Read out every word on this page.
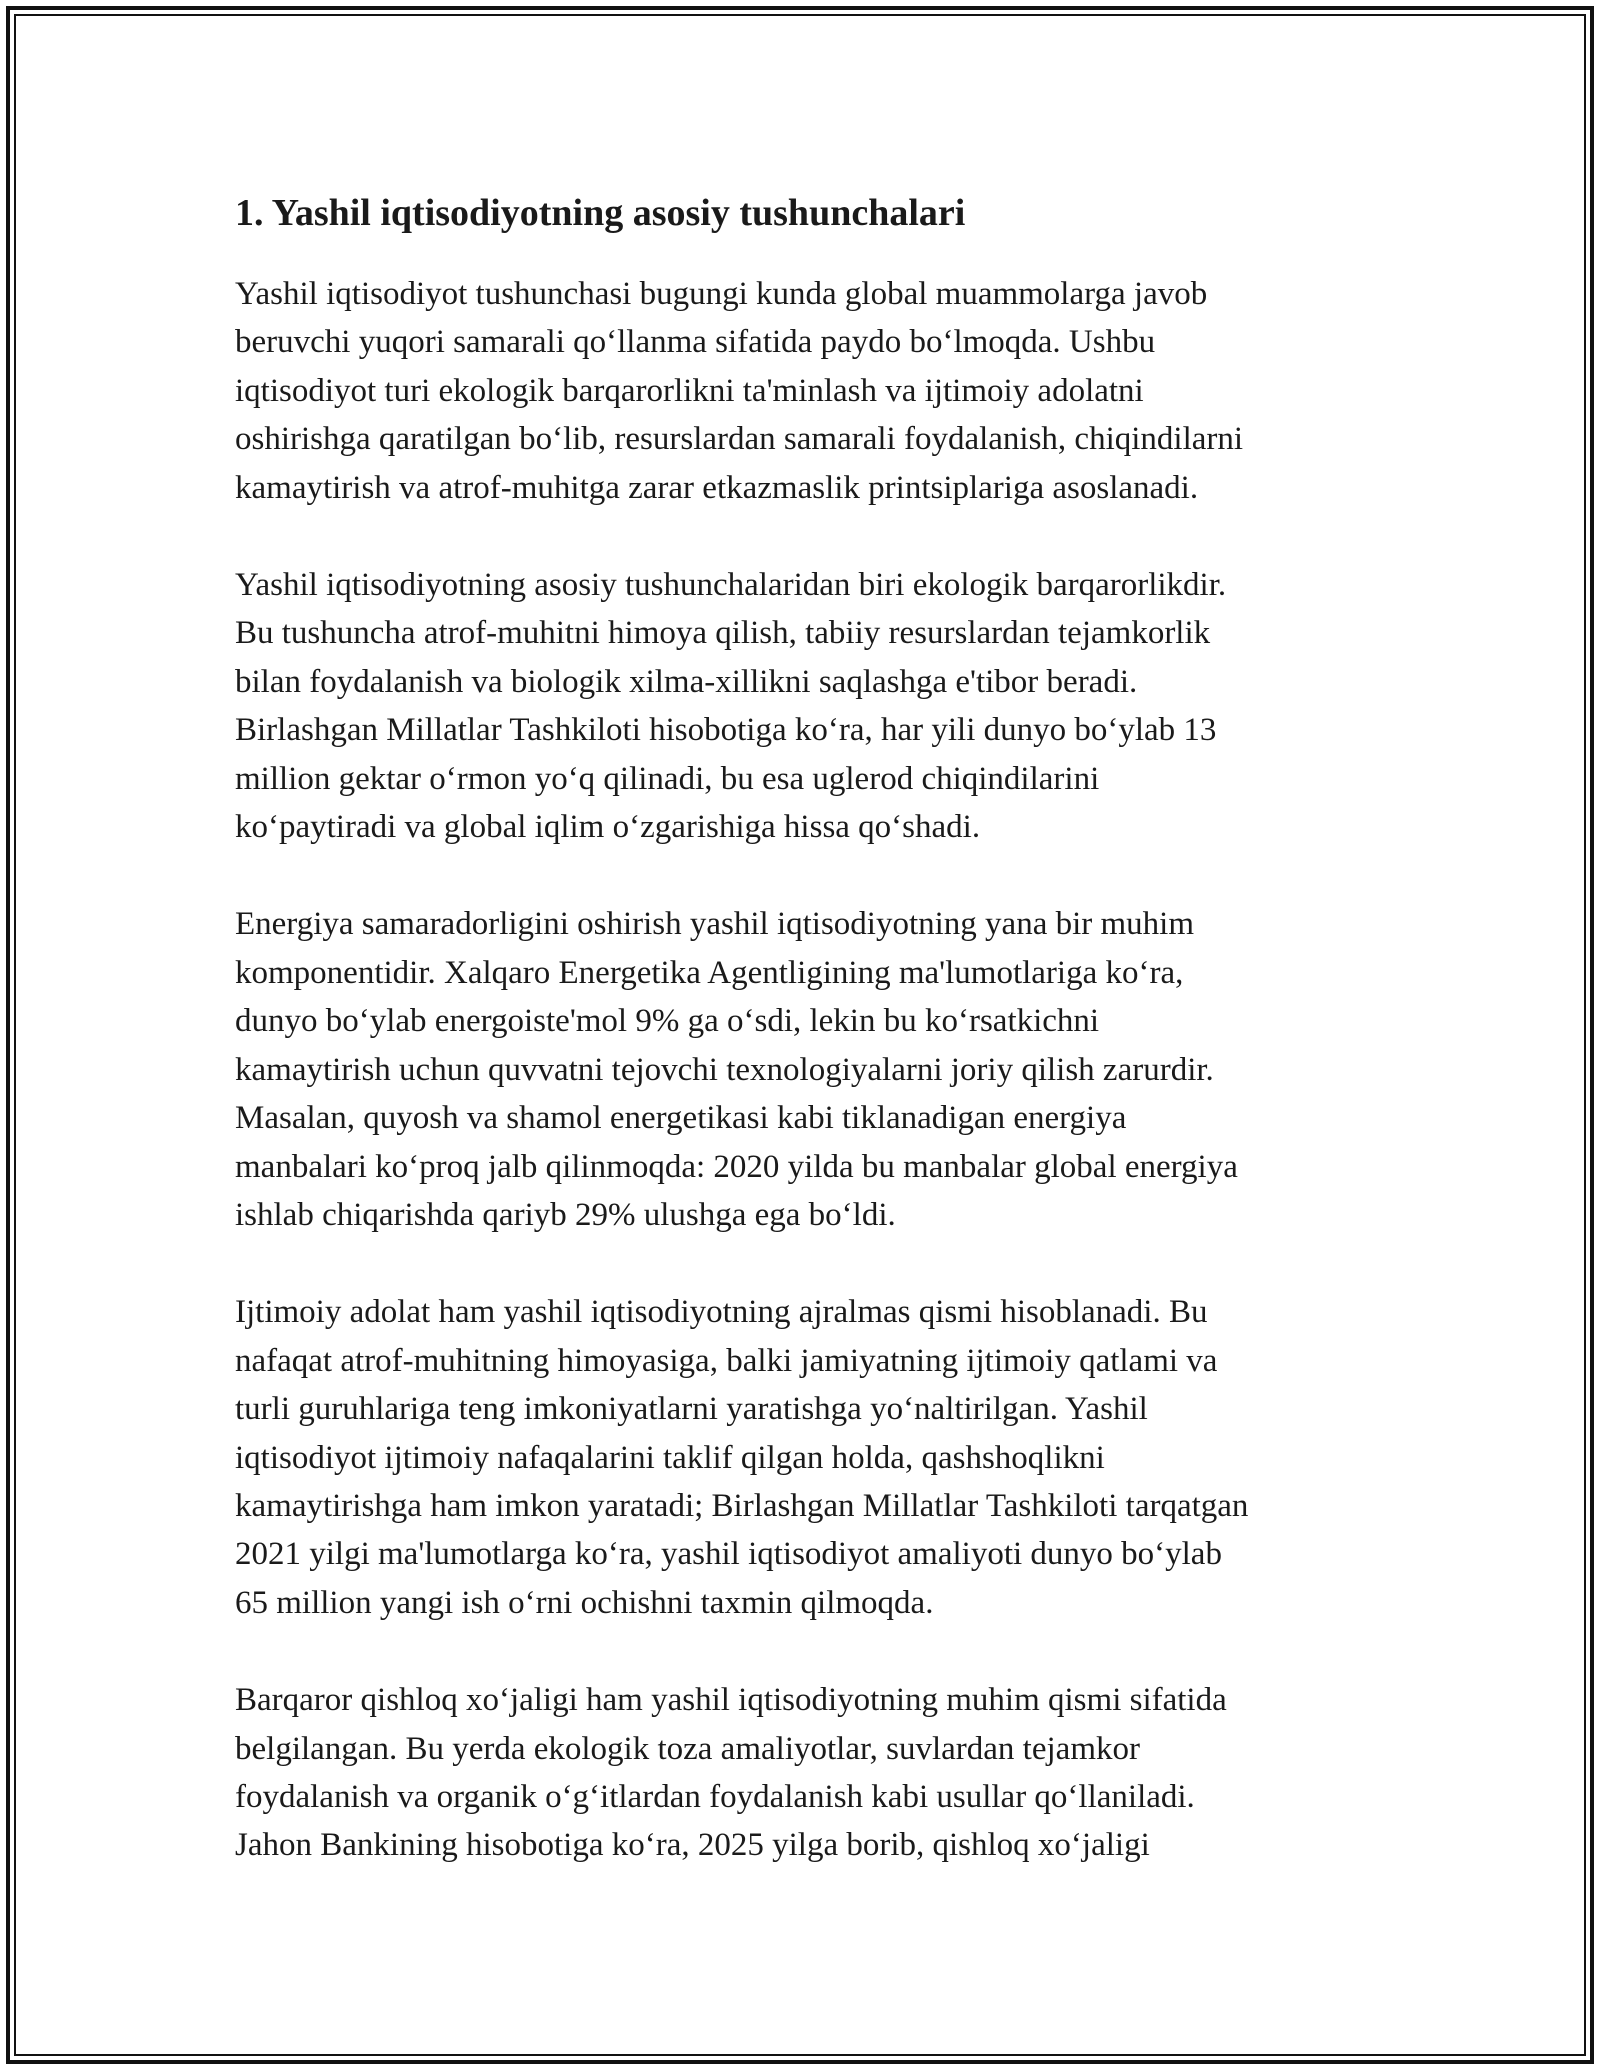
1. Yashil iqtisodiyotning asosiy tushunchalari

Yashil iqtisodiyot tushunchasi bugungi kunda global muammolarga javob
beruvchi yuqori samarali qoʻllanma sifatida paydo boʻlmoqda. Ushbu
iqtisodiyot turi ekologik barqarorlikni ta'minlash va ijtimoiy adolatni
oshirishga qaratilgan boʻlib, resurslardan samarali foydalanish, chiqindilarni
kamaytirish va atrof-muhitga zarar etkazmaslik printsiplariga asoslanadi.

Yashil iqtisodiyotning asosiy tushunchalaridan biri ekologik barqarorlikdir.
Bu tushuncha atrof-muhitni himoya qilish, tabiiy resurslardan tejamkorlik
bilan foydalanish va biologik xilma-xillikni saqlashga e'tibor beradi.
Birlashgan Millatlar Tashkiloti hisobotiga koʻra, har yili dunyo boʻylab 13
million gektar oʻrmon yoʻq qilinadi, bu esa uglerod chiqindilarini
koʻpaytiradi va global iqlim oʻzgarishiga hissa qoʻshadi.

Energiya samaradorligini oshirish yashil iqtisodiyotning yana bir muhim
komponentidir. Xalqaro Energetika Agentligining ma'lumotlariga koʻra,
dunyo boʻylab energoiste'mol 9% ga oʻsdi, lekin bu koʻrsatkichni
kamaytirish uchun quvvatni tejovchi texnologiyalarni joriy qilish zarurdir.
Masalan, quyosh va shamol energetikasi kabi tiklanadigan energiya
manbalari koʻproq jalb qilinmoqda: 2020 yilda bu manbalar global energiya
ishlab chiqarishda qariyb 29% ulushga ega boʻldi.

Ijtimoiy adolat ham yashil iqtisodiyotning ajralmas qismi hisoblanadi. Bu
nafaqat atrof-muhitning himoyasiga, balki jamiyatning ijtimoiy qatlami va
turli guruhlariga teng imkoniyatlarni yaratishga yoʻnaltirilgan. Yashil
iqtisodiyot ijtimoiy nafaqalarini taklif qilgan holda, qashshoqlikni
kamaytirishga ham imkon yaratadi; Birlashgan Millatlar Tashkiloti tarqatgan
2021 yilgi ma'lumotlarga koʻra, yashil iqtisodiyot amaliyoti dunyo boʻylab
65 million yangi ish oʻrni ochishni taxmin qilmoqda.

Barqaror qishloq xoʻjaligi ham yashil iqtisodiyotning muhim qismi sifatida
belgilangan. Bu yerda ekologik toza amaliyotlar, suvlardan tejamkor
foydalanish va organik oʻgʻitlardan foydalanish kabi usullar qoʻllaniladi.
Jahon Bankining hisobotiga koʻra, 2025 yilga borib, qishloq xoʻjaligi
